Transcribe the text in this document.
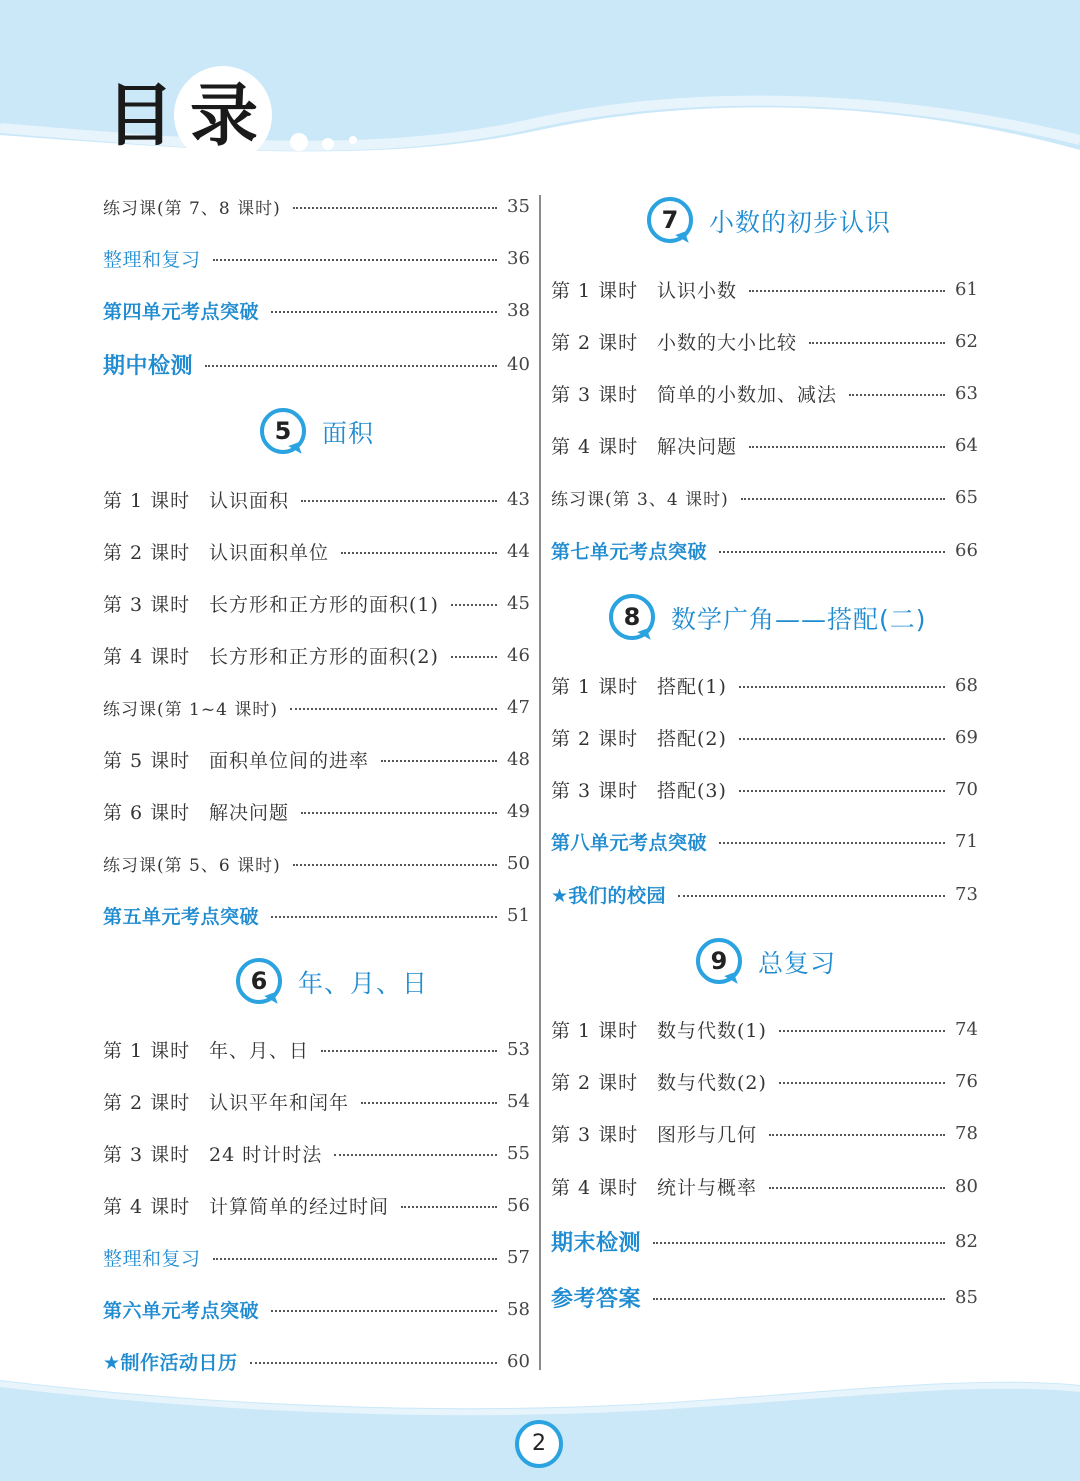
目 录
练习课(第 7、8 课时)	35
整理和复习	36
第四单元考点突破	38
期中检测	40
5	面积
第 1 课时 认识面积	43
第 2 课时 认识面积单位	44
第 3 课时 长方形和正方形的面积(1)	45
第 4 课时 长方形和正方形的面积(2)	46
练习课(第 1~4 课时)	47
第 5 课时 面积单位间的进率	48
第 6 课时 解决问题	49
练习课(第 5、6 课时)	50
第五单元考点突破	51
6	年、月、日
第 1 课时 年、月、日	53
第 2 课时 认识平年和闰年	54
第 3 课时 24 时计时法	55
第 4 课时 计算简单的经过时间	56
整理和复习	57
第六单元考点突破	58
★制作活动日历	60
7	小数的初步认识
第 1 课时 认识小数	61
第 2 课时 小数的大小比较	62
第 3 课时 简单的小数加、减法	63
第 4 课时 解决问题	64
练习课(第 3、4 课时)	65
第七单元考点突破	66
8	数学广角——搭配(二)
第 1 课时 搭配(1)	68
第 2 课时 搭配(2)	69
第 3 课时 搭配(3)	70
第八单元考点突破	71
★我们的校园	73
9	总复习
第 1 课时 数与代数(1)	74
第 2 课时 数与代数(2)	76
第 3 课时 图形与几何	78
第 4 课时 统计与概率	80
期末检测	82
参考答案	85
2
